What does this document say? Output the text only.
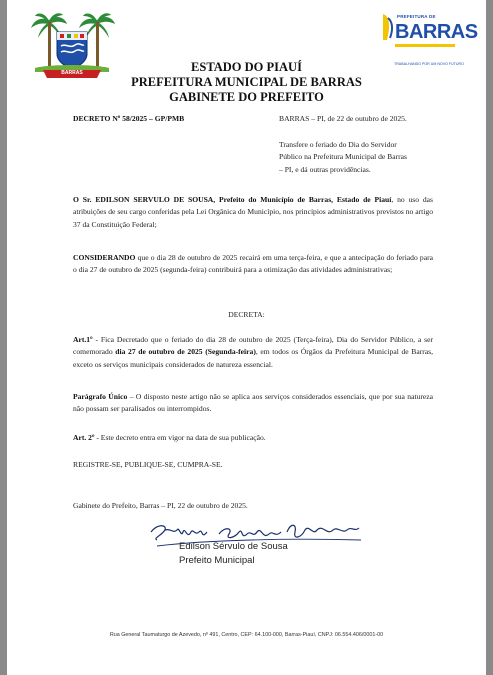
BARRAS
PREFEITURA DE
BARRAS
TRABALHANDO POR UM NOVO FUTURO
ESTADO DO PIAUÍ
PREFEITURA MUNICIPAL DE BARRAS
GABINETE DO PREFEITO
DECRETO Nº 58/2025 – GP/PMB	BARRAS – PI, de 22 de outubro de 2025.
Transfere o feriado do Dia do Servidor
Público na Prefeitura Municipal de Barras
– PI, e dá outras providências.
O Sr. EDILSON SERVULO DE SOUSA, Prefeito do Município de Barras, Estado de Piauí, no uso das atribuições de seu cargo conferidas pela Lei Orgânica do Município, nos princípios administrativos previstos no artigo 37 da Constituição Federal;
CONSIDERANDO que o dia 28 de outubro de 2025 recairá em uma terça-feira, e que a antecipação do feriado para o dia 27 de outubro de 2025 (segunda-feira) contribuirá para a otimização das atividades administrativas;
DECRETA:
Art.1º - Fica Decretado que o feriado do dia 28 de outubro de 2025 (Terça-feira), Dia do Servidor Público, a ser comemorado dia 27 de outubro de 2025 (Segunda-feira), em todos os Órgãos da Prefeitura Municipal de Barras, exceto os serviços municipais considerados de natureza essencial.
Parágrafo Único – O disposto neste artigo não se aplica aos serviços considerados essenciais, que por sua natureza não possam ser paralisados ou interrompidos.
Art. 2º - Este decreto entra em vigor na data de sua publicação.
REGISTRE-SE, PUBLIQUE-SE, CUMPRA-SE.
Gabinete do Prefeito, Barras – PI, 22 de outubro de 2025.
Edilson Sérvulo de Sousa
Prefeito Municipal
Rua General Taumaturgo de Azevedo, nº 491, Centro, CEP: 64.100-000, Barras-Piauí, CNPJ: 06.554.406/0001-00
